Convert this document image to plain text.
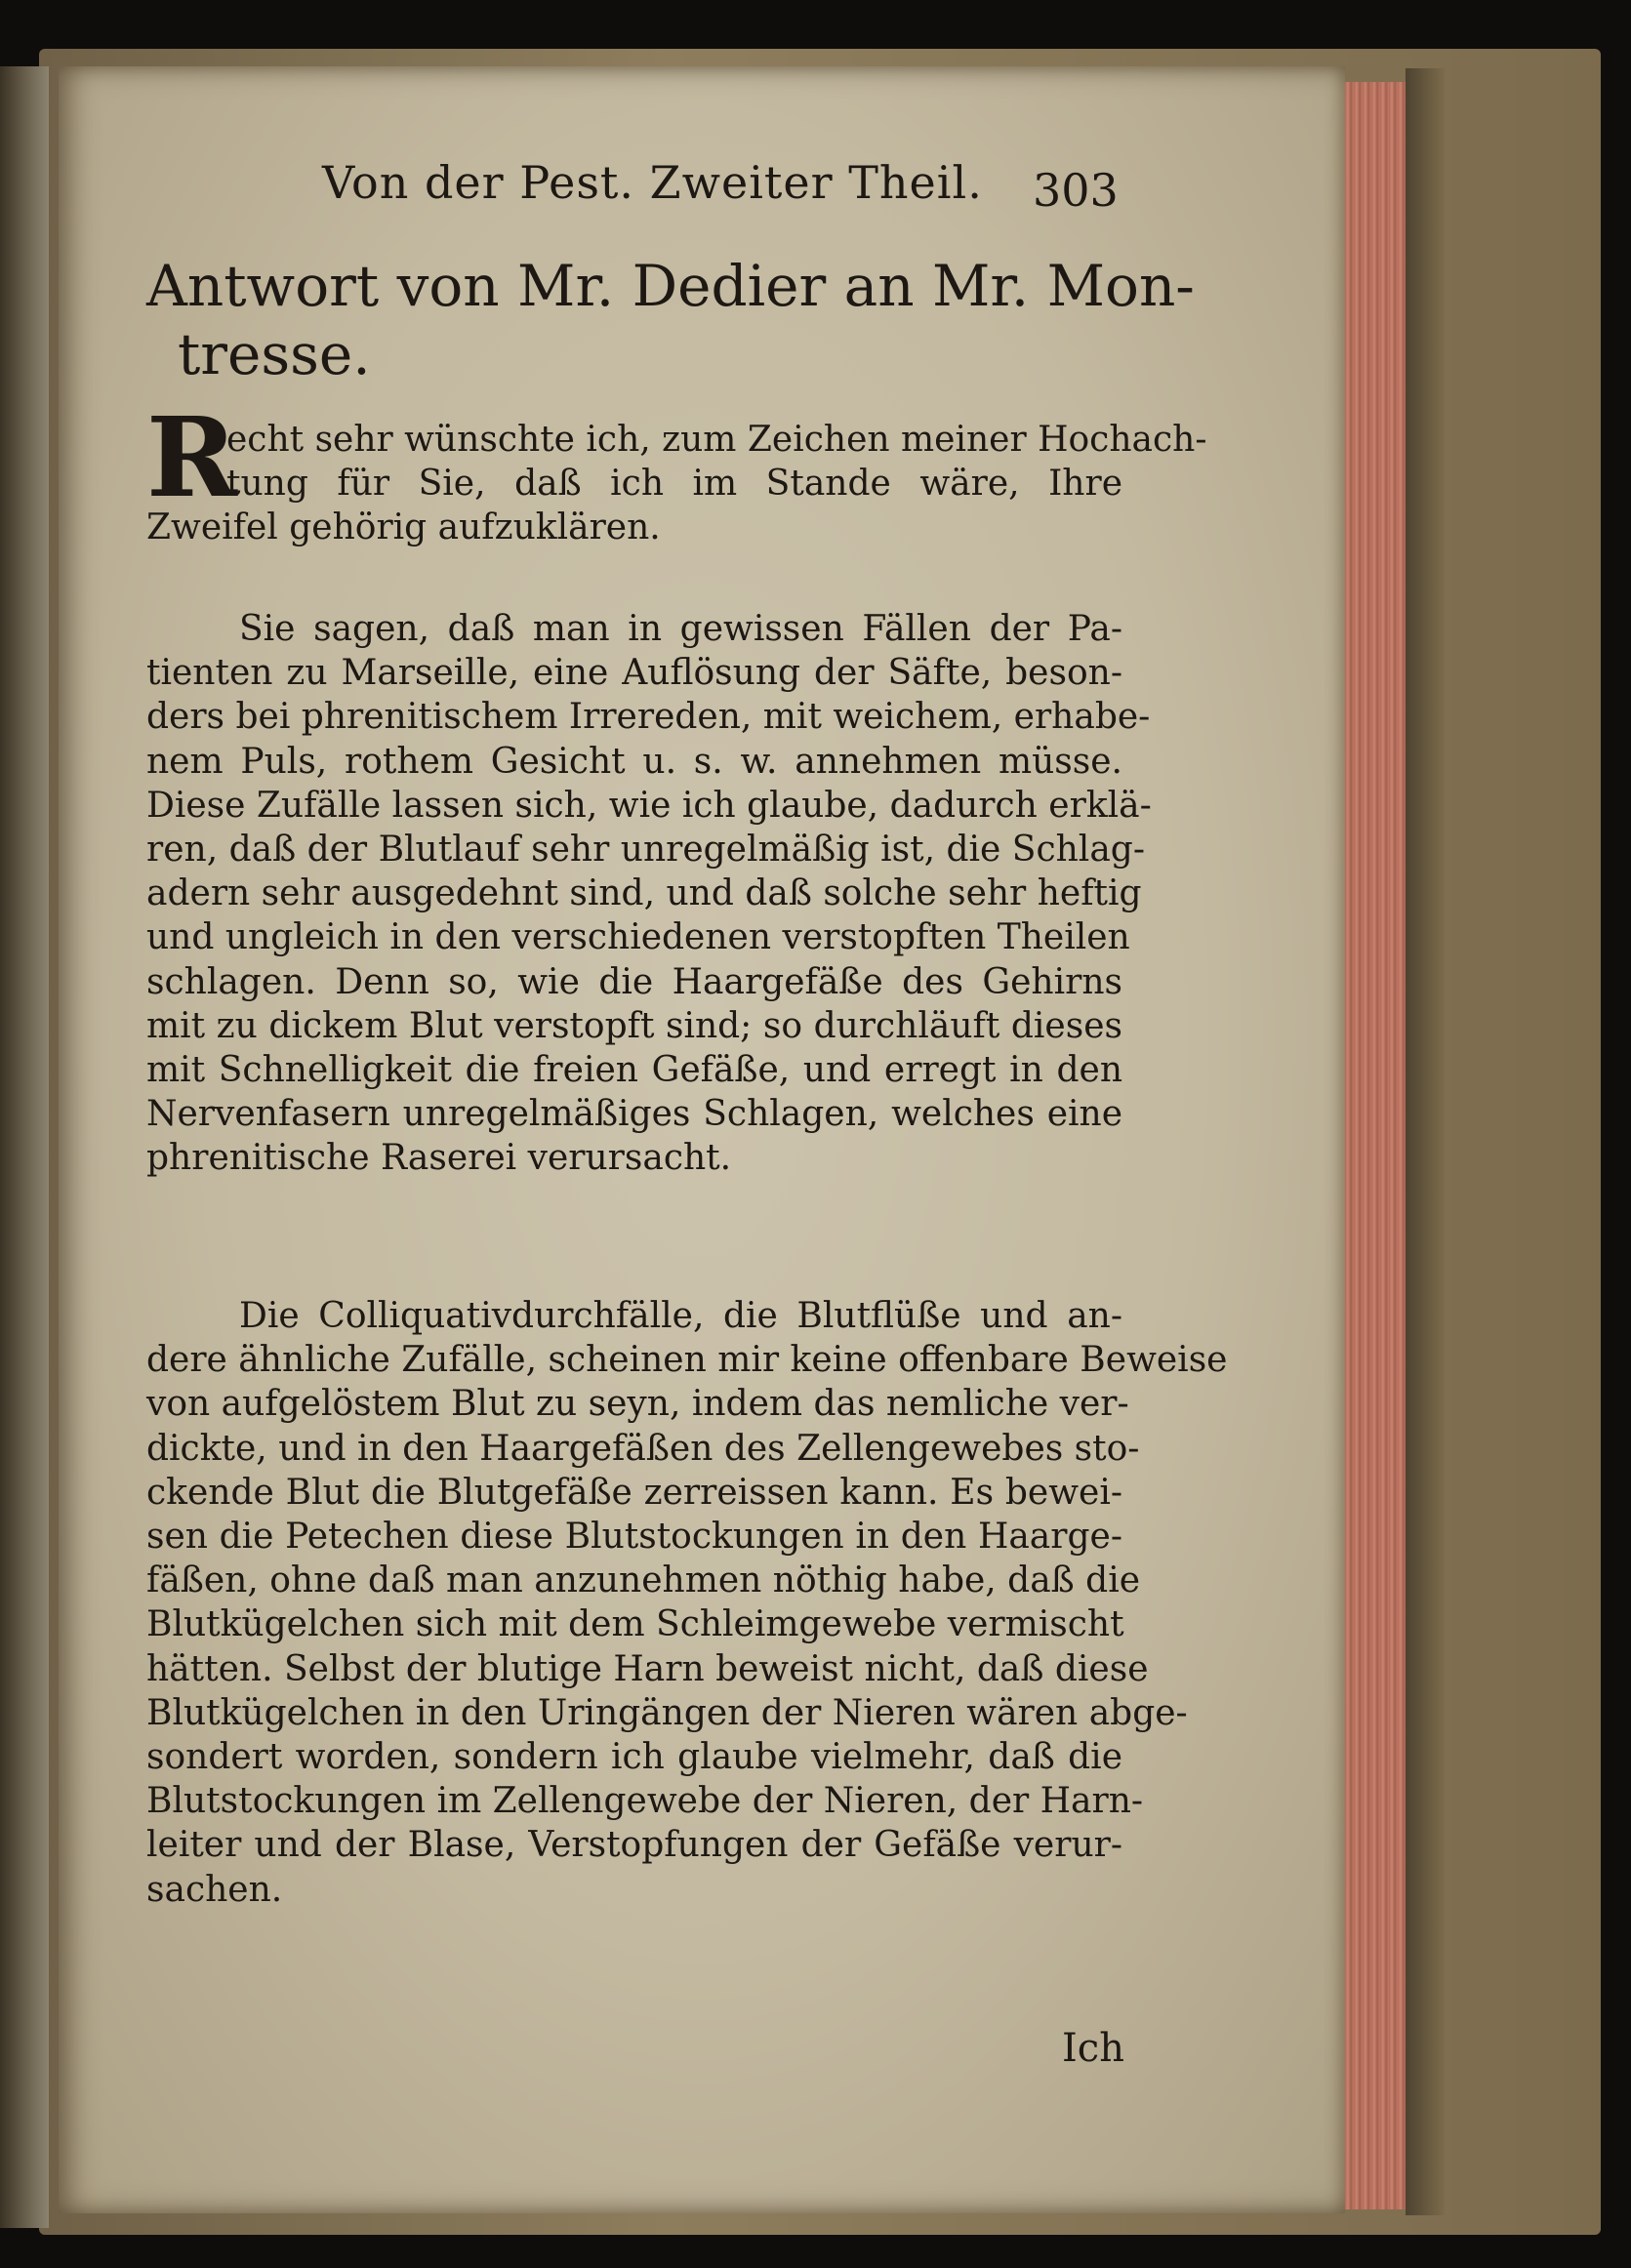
Von der Pest. Zweiter Theil. 303
Antwort von Mr. Dedier an Mr. Mon-
tresse.
R
echt sehr wünschte ich, zum Zeichen meiner Hochach-
tung für Sie, daß ich im Stande wäre, Ihre
Zweifel gehörig aufzuklären.
Sie sagen, daß man in gewissen Fällen der Pa-
tienten zu Marseille, eine Auflösung der Säfte, beson-
ders bei phrenitischem Irrereden, mit weichem, erhabe-
nem Puls, rothem Gesicht u. s. w. annehmen müsse.
Diese Zufälle lassen sich, wie ich glaube, dadurch erklä-
ren, daß der Blutlauf sehr unregelmäßig ist, die Schlag-
adern sehr ausgedehnt sind, und daß solche sehr heftig
und ungleich in den verschiedenen verstopften Theilen
schlagen. Denn so, wie die Haargefäße des Gehirns
mit zu dickem Blut verstopft sind; so durchläuft dieses
mit Schnelligkeit die freien Gefäße, und erregt in den
Nervenfasern unregelmäßiges Schlagen, welches eine
phrenitische Raserei verursacht.
Die Colliquativdurchfälle, die Blutflüße und an-
dere ähnliche Zufälle, scheinen mir keine offenbare Beweise
von aufgelöstem Blut zu seyn, indem das nemliche ver-
dickte, und in den Haargefäßen des Zellengewebes sto-
ckende Blut die Blutgefäße zerreissen kann. Es bewei-
sen die Petechen diese Blutstockungen in den Haarge-
fäßen, ohne daß man anzunehmen nöthig habe, daß die
Blutkügelchen sich mit dem Schleimgewebe vermischt
hätten. Selbst der blutige Harn beweist nicht, daß diese
Blutkügelchen in den Uringängen der Nieren wären abge-
sondert worden, sondern ich glaube vielmehr, daß die
Blutstockungen im Zellengewebe der Nieren, der Harn-
leiter und der Blase, Verstopfungen der Gefäße verur-
sachen.
Ich
